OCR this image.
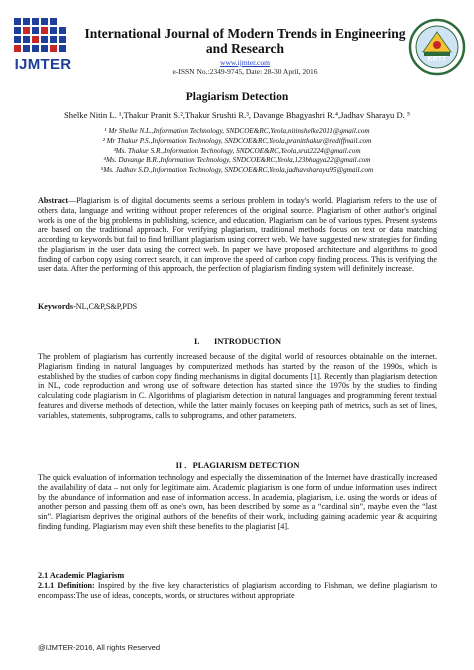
IJMTER
International Journal of Modern Trends in Engineering
and Research
www.ijmter.com
e-ISSN No.:2349-9745, Date: 28-30 April, 2016
KRTT
Plagiarism Detection
Shelke Nitin L. ¹,Thakur Pranit S.²,Thakur Srushti R.³, Davange Bhagyashri R.⁴,Jadhav Sharayu D. ⁵
¹ Mr Shelke N.L.,Information Technology, SNDCOE&RC,Yeola,nitinshelke2011@gmail.com
² Mr Thakur P.S.,Information Technology, SNDCOE&RC,Yeola,pranitthakur@rediffmail.com
³Ms. Thakur S.R.,Information Technology, SNDCOE&RC,Yeola,srut2224@gmail.com
⁴Ms. Davange B.R.,Information Technology, SNDCOE&RC,Yeola,123bhagya22@gmail.com
⁵Ms. Jadhav S.D.,Information Technology, SNDCOE&RC,Yeola,jadhavsharayu95@gmail.com
Abstract—Plagiarism is of digital documents seems a serious problem in today's world. Plagiarism refers to the use of others data, language and writing without proper references of the original source. Plagiarism of other author's original work is one of the big problems in publishing, science, and education. Plagiarism can be of various types. Present systems are based on the traditional approach. For verifying plagiarism, traditional methods focus on text or data matching according to keywords but fail to find brilliant plagiarism using correct web. We have suggested new strategies for finding the plagiarism in the user data using the correct web. In paper we have proposed architecture and algorithms to good finding of carbon copy using correct search, it can improve the speed of carbon copy finding process. This is verifying the user data. After the performing of this approach, the perfection of plagiarism finding system will definitely increase.
Keywords-NL,C&P,S&P,PDS
I.       INTRODUCTION
The problem of plagiarism has currently increased because of the digital world of resources obtainable on the internet. Plagiarism finding in natural languages by computerized methods has started by the reason of the 1990s, which is established by the studies of carbon copy finding mechanisms in digital documents [1]. Recently than plagiarism detection in NL, code reproduction and wrong use of software detection has started since the 1970s by the studies to finding calculating code plagiarism in C. Algorithms of plagiarism detection in natural languages and programming ferent textual features and diverse methods of detection, while the latter mainly focuses on keeping path of metrics, such as set of lines, variables, statements, subprograms, calls to subprograms, and other parameters.
II .   PLAGIARISM DETECTION
The quick evaluation of information technology and especially the dissemination of the Internet have drastically increased the availability of data – not only for legitimate aim. Academic plagiarism is one form of undue information uses indirect by the abundance of information and ease of information access. In academia, plagiarism, i.e. using the words or ideas of another person and passing them off as one's own, has been described by some as a “cardinal sin”, maybe even the “last sin”. Plagiarism deprives the original authors of the benefits of their work, including gaining academic year & acquiring finding funding. Plagiarism may even shift these benefits to the plagiarist [4].
2.1 Academic Plagiarism
2.1.1 Definition: Inspired by the five key characteristics of plagiarism according to Fishman, we define plagiarism to encompass:The use of ideas, concepts, words, or structures without appropriate
@IJMTER-2016, All rights Reserved
